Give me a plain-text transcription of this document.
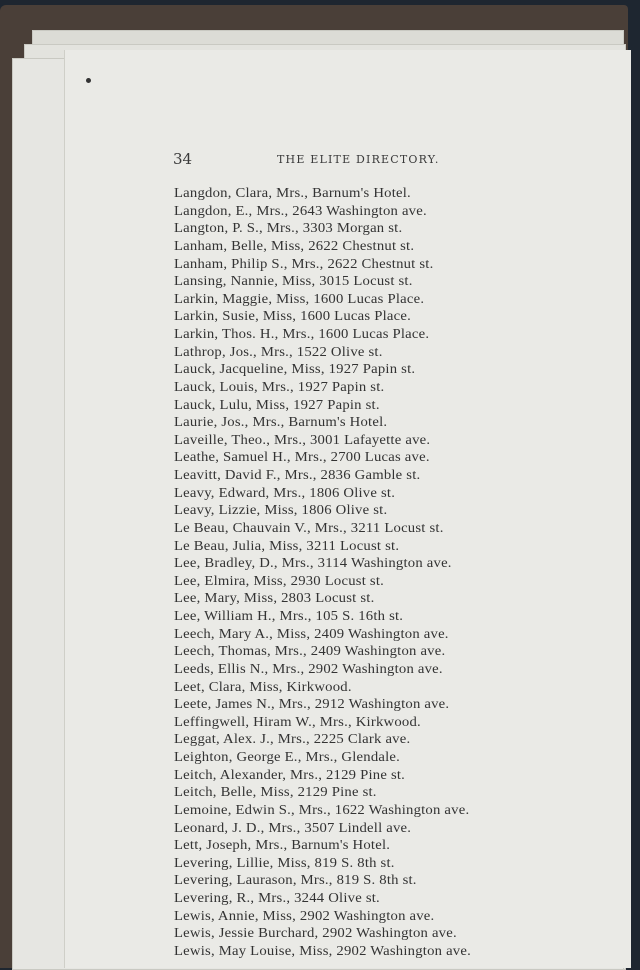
34	THE ELITE DIRECTORY.
Langdon, Clara, Mrs., Barnum's Hotel.
Langdon, E., Mrs., 2643 Washington ave.
Langton, P. S., Mrs., 3303 Morgan st.
Lanham, Belle, Miss, 2622 Chestnut st.
Lanham, Philip S., Mrs., 2622 Chestnut st.
Lansing, Nannie, Miss, 3015 Locust st.
Larkin, Maggie, Miss, 1600 Lucas Place.
Larkin, Susie, Miss, 1600 Lucas Place.
Larkin, Thos. H., Mrs., 1600 Lucas Place.
Lathrop, Jos., Mrs., 1522 Olive st.
Lauck, Jacqueline, Miss, 1927 Papin st.
Lauck, Louis, Mrs., 1927 Papin st.
Lauck, Lulu, Miss, 1927 Papin st.
Laurie, Jos., Mrs., Barnum's Hotel.
Laveille, Theo., Mrs., 3001 Lafayette ave.
Leathe, Samuel H., Mrs., 2700 Lucas ave.
Leavitt, David F., Mrs., 2836 Gamble st.
Leavy, Edward, Mrs., 1806 Olive st.
Leavy, Lizzie, Miss, 1806 Olive st.
Le Beau, Chauvain V., Mrs., 3211 Locust st.
Le Beau, Julia, Miss, 3211 Locust st.
Lee, Bradley, D., Mrs., 3114 Washington ave.
Lee, Elmira, Miss, 2930 Locust st.
Lee, Mary, Miss, 2803 Locust st.
Lee, William H., Mrs., 105 S. 16th st.
Leech, Mary A., Miss, 2409 Washington ave.
Leech, Thomas, Mrs., 2409 Washington ave.
Leeds, Ellis N., Mrs., 2902 Washington ave.
Leet, Clara, Miss, Kirkwood.
Leete, James N., Mrs., 2912 Washington ave.
Leffingwell, Hiram W., Mrs., Kirkwood.
Leggat, Alex. J., Mrs., 2225 Clark ave.
Leighton, George E., Mrs., Glendale.
Leitch, Alexander, Mrs., 2129 Pine st.
Leitch, Belle, Miss, 2129 Pine st.
Lemoine, Edwin S., Mrs., 1622 Washington ave.
Leonard, J. D., Mrs., 3507 Lindell ave.
Lett, Joseph, Mrs., Barnum's Hotel.
Levering, Lillie, Miss, 819 S. 8th st.
Levering, Laurason, Mrs., 819 S. 8th st.
Levering, R., Mrs., 3244 Olive st.
Lewis, Annie, Miss, 2902 Washington ave.
Lewis, Jessie Burchard, 2902 Washington ave.
Lewis, May Louise, Miss, 2902 Washington ave.
